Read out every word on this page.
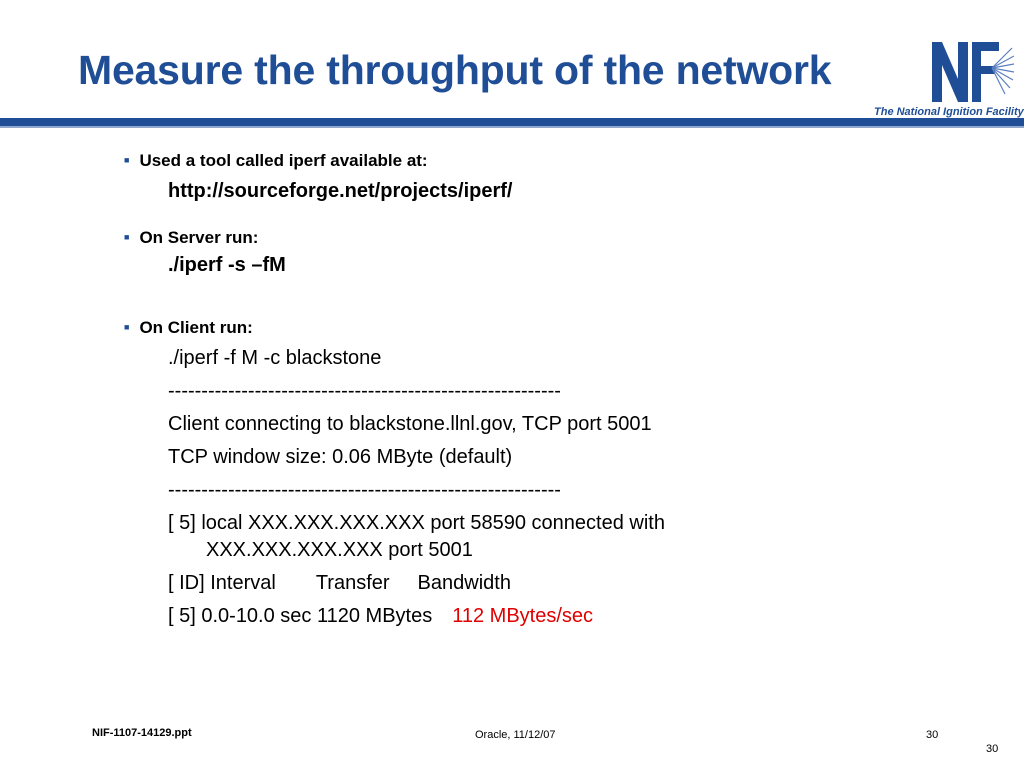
Measure the throughput of the network
The National Ignition Facility
■ Used a tool called iperf available at:
http://sourceforge.net/projects/iperf/
■ On Server run:
./iperf -s –fM
■ On Client run:
./iperf -f M -c blackstone
-----------------------------------------------------------
Client connecting to blackstone.llnl.gov, TCP port 5001
TCP window size: 0.06 MByte (default)
-----------------------------------------------------------
[ 5] local XXX.XXX.XXX.XXX port 58590 connected with
XXX.XXX.XXX.XXX port 5001
[ ID] Interval Transfer Bandwidth
[ 5] 0.0-10.0 sec 1120 MBytes 112 MBytes/sec
NIF-1107-14129.ppt	Oracle, 11/12/07	30
30
